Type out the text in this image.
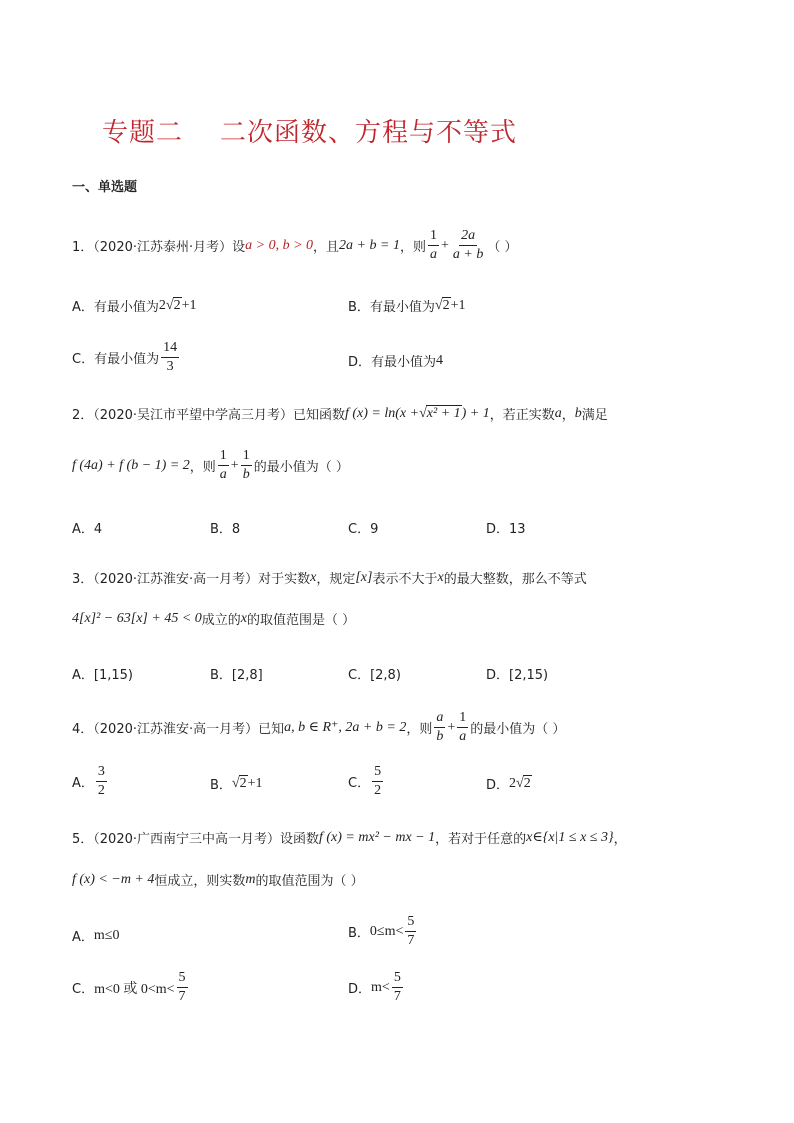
专题二    二次函数、方程与不等式
一、单选题
1．（2020·江苏泰州·月考）设 a > 0, b > 0 ，且 2a + b = 1 ，则 $\frac{1}{a} + \frac{2a}{a + b}$ （ ）
A．有最小值为 2 √ 2 +1	B．有最小值为 √ 2 +1
C．有最小值为 $\frac{14}{3}$	D．有最小值为 4
2．（2020·吴江市平望中学高三月考）已知函数 f (x) = ln(x + √ x² + 1 ) + 1 ，若正实数 a ， b 满足
f (4a) + f (b − 1) = 2 ，则 $\frac{1}{a} + \frac{1}{b}$ 的最小值为（ ）
A．4	B．8	C．9	D．13
3．（2020·江苏淮安·高一月考）对于实数 x ，规定 [x] 表示不大于 x 的最大整数，那么不等式
4[x]² − 63[x] + 45 < 0 成立的 x 的取值范围是（ ）
A．[1,15)	B．[2,8]	C．[2,8)	D．[2,15)
4．（2020·江苏淮安·高一月考）已知 a, b ∈ R⁺, 2a + b = 2 ，则 $\frac{a}{b} + \frac{1}{a}$ 的最小值为（ ）
A． $\frac{3}{2}$	B． √ 2 +1	C． $\frac{5}{2}$	D． 2 √ 2
5．（2020·广西南宁三中高一月考）设函数 f (x) = mx² − mx − 1 ，若对于任意的 x∈{x|1 ≤ x ≤ 3} ，
f (x) < −m + 4 恒成立，则实数 m 的取值范围为（ ）
A． m≤0	B． $0\le m< \frac{5}{7}$
C． m<0 或 $0<m< \frac{5}{7}$	D． $m< \frac{5}{7}$
